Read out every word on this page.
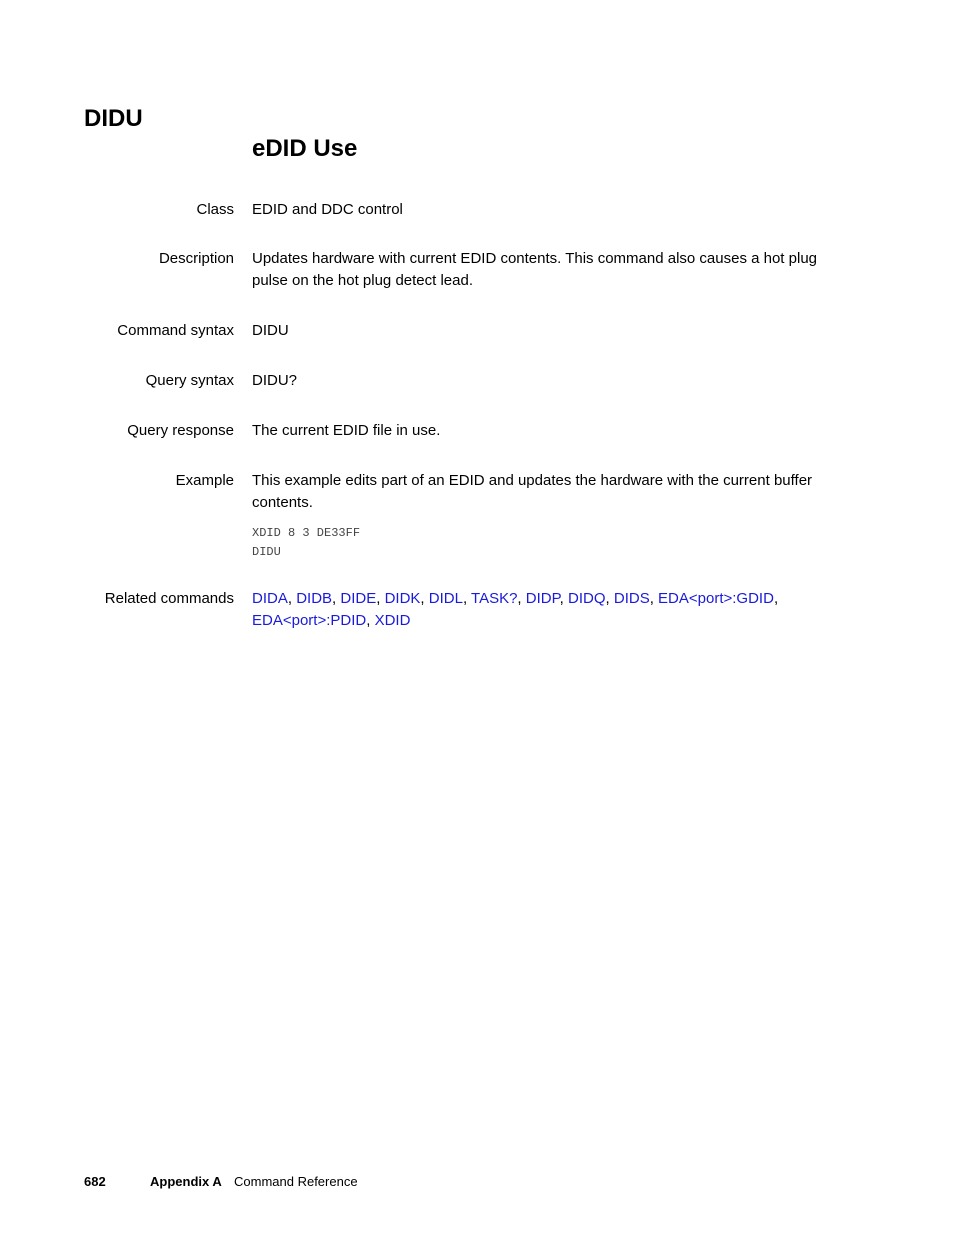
DIDU
eDID Use
Class EDID and DDC control
Description Updates hardware with current EDID contents. This command also causes a hot plug pulse on the hot plug detect lead.
Command syntax DIDU
Query syntax DIDU?
Query response The current EDID file in use.
Example This example edits part of an EDID and updates the hardware with the current buffer contents.

XDID 8 3 DE33FF
DIDU
Related commands DIDA, DIDB, DIDE, DIDK, DIDL, TASK?, DIDP, DIDQ, DIDS, EDA<port>:GDID, EDA<port>:PDID, XDID
682	Appendix A Command Reference
